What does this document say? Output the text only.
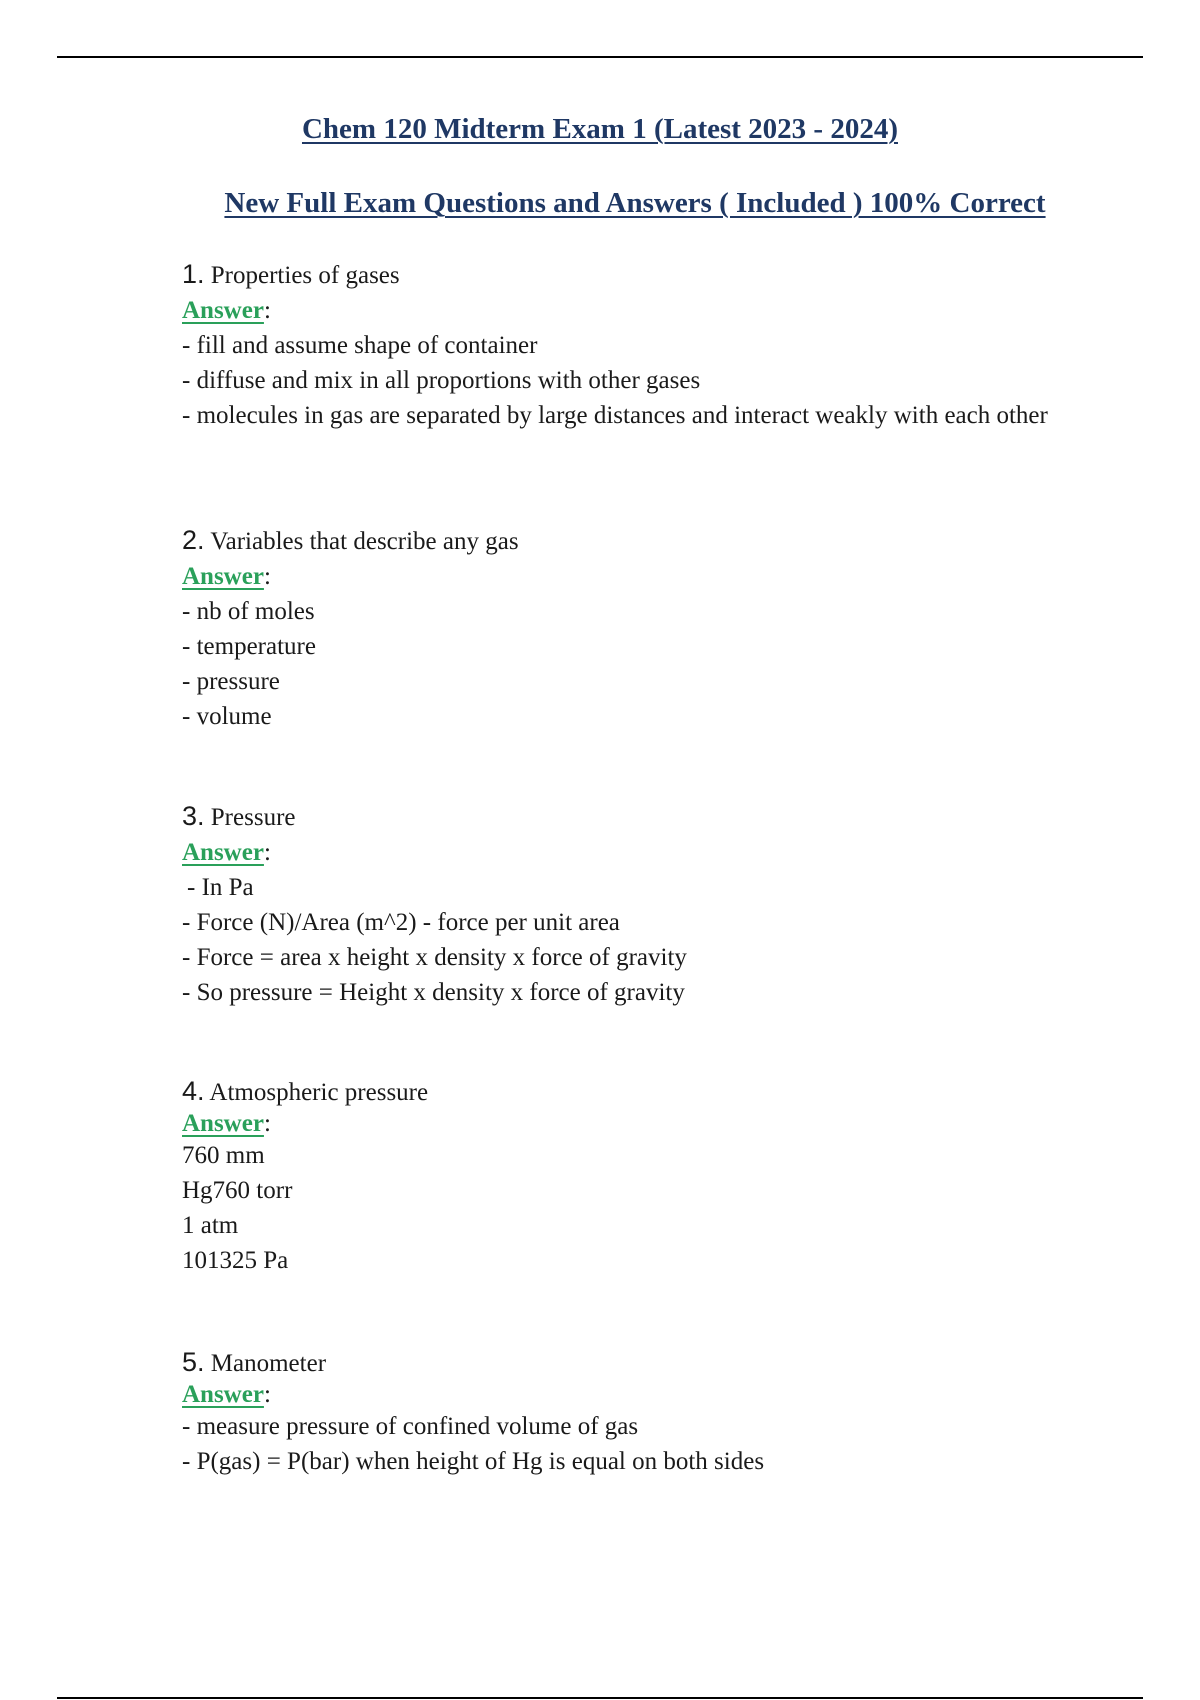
Chem 120 Midterm Exam 1 (Latest 2023 - 2024)
New Full Exam Questions and Answers ( Included ) 100% Correct

1. Properties of gases

Answer:

- fill and assume shape of container

- diffuse and mix in all proportions with other gases

- molecules in gas are separated by large distances and interact weakly with each other

2. Variables that describe any gas

Answer:

- nb of moles

- temperature

- pressure

- volume

3. Pressure

Answer:

- In Pa

- Force (N)/Area (m^2) - force per unit area

- Force = area x height x density x force of gravity

- So pressure = Height x density x force of gravity

4. Atmospheric pressure

Answer:

760 mm

Hg760 torr

1 atm

101325 Pa

5. Manometer

Answer:

- measure pressure of confined volume of gas

- P(gas) = P(bar) when height of Hg is equal on both sides
